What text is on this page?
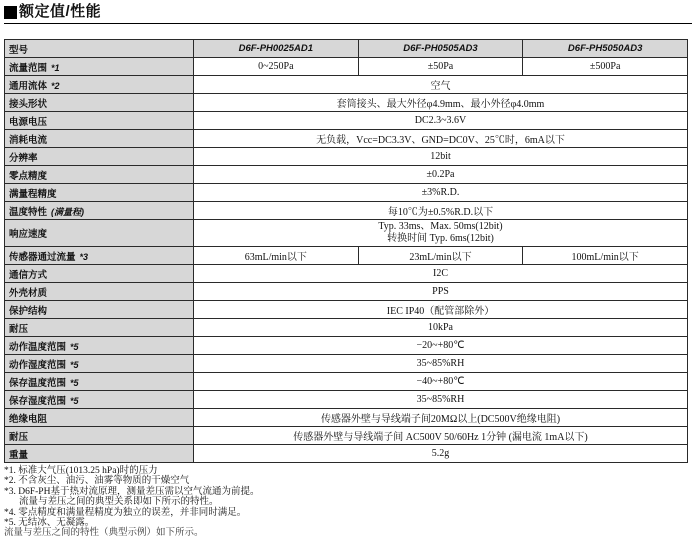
额定值/性能
型号	D6F-PH0025AD1	D6F-PH0505AD3	D6F-PH5050AD3
流量范围 *1	0~250Pa	±50Pa	±500Pa
通用流体 *2	空气		
接头形状	套筒接头、最大外径φ4.9mm、最小外径φ4.0mm		
电源电压	DC2.3~3.6V		
消耗电流	无负载，Vcc=DC3.3V、GND=DC0V、25℃时，6mA以下		
分辨率	12bit		
零点精度	±0.2Pa		
满量程精度	±3%R.D.		
温度特性 (满量程)	每10℃为±0.5%R.D.以下		
响应速度	Typ. 33ms、Max. 50ms(12bit)
转换时间 Typ. 6ms(12bit)		

传感器通过流量 *3	63mL/min以下	23mL/min以下	100mL/min以下
通信方式	I2C		
外壳材质	PPS		
保护结构	IEC IP40（配管部除外）		
耐压	10kPa		
动作温度范围 *5	−20~+80℃		
动作湿度范围 *5	35~85%RH		
保存温度范围 *5	−40~+80℃		
保存湿度范围 *5	35~85%RH		
绝缘电阻	传感器外壁与导线端子间20MΩ以上(DC500V绝缘电阻)		
耐压	传感器外壁与导线端子间 AC500V 50/60Hz 1分钟 (漏电流 1mA以下)		
重量	5.2g		
*1. 标准大气压(1013.25 hPa)时的压力
*2. 不含灰尘、油污、油雾等物质的干燥空气
*3. D6F-PH基于热对流原理，测量差压需以空气流通为前提。
流量与差压之间的典型关系即如下所示的特性。
*4. 零点精度和满量程精度为独立的误差，并非同时满足。
*5. 无结冰、无凝露。
流量与差压之间的特性（典型示例）如下所示。
